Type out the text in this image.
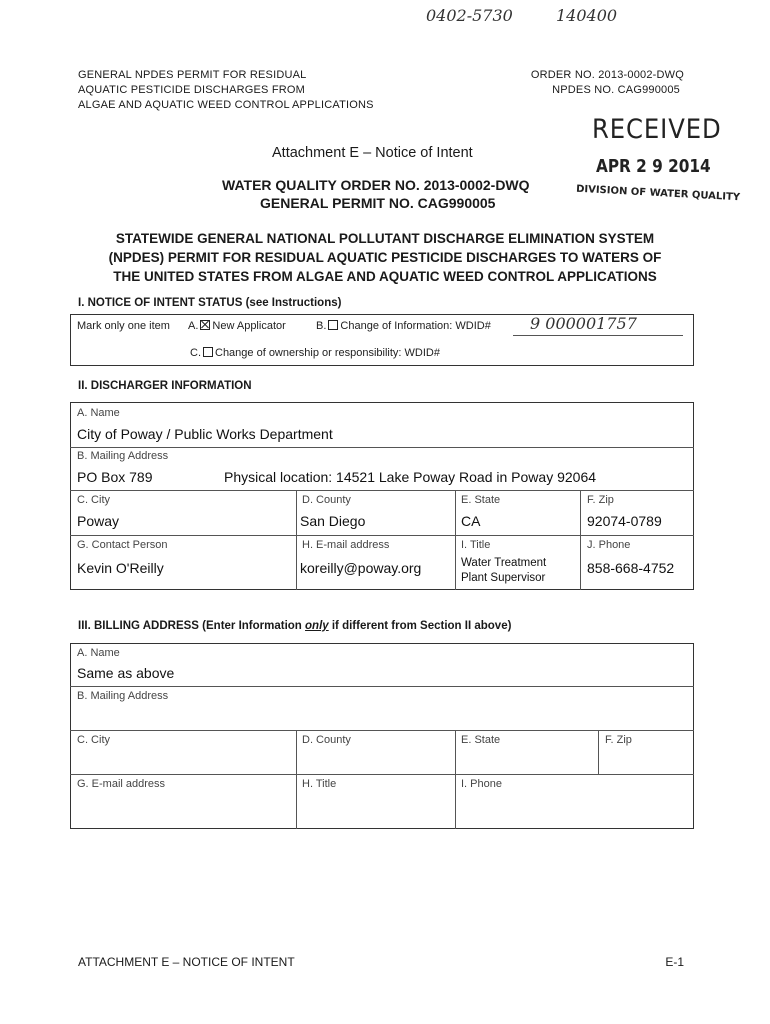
0402-5730	140400
GENERAL NPDES PERMIT FOR RESIDUAL
AQUATIC PESTICIDE DISCHARGES FROM
ALGAE AND AQUATIC WEED CONTROL APPLICATIONS
ORDER NO. 2013-0002-DWQ
NPDES NO. CAG990005
RECEIVED
APR 2 9 2014
DIVISION OF WATER QUALITY
Attachment E – Notice of Intent
WATER QUALITY ORDER NO. 2013-0002-DWQ
GENERAL PERMIT NO. CAG990005
STATEWIDE GENERAL NATIONAL POLLUTANT DISCHARGE ELIMINATION SYSTEM
(NPDES) PERMIT FOR RESIDUAL AQUATIC PESTICIDE DISCHARGES TO WATERS OF
THE UNITED STATES FROM ALGAE AND AQUATIC WEED CONTROL APPLICATIONS
I. NOTICE OF INTENT STATUS (see Instructions)
Mark only one item A. New Applicator	B. Change of Information: WDID# 9 000001757
C. Change of ownership or responsibility: WDID#
II. DISCHARGER INFORMATION
A. Name
City of Poway / Public Works Department
B. Mailing Address
PO Box 789	Physical location: 14521 Lake Poway Road in Poway 92064
C. City
Poway
D. County
San Diego
E. State
CA
F. Zip
92074-0789
G. Contact Person
Kevin O'Reilly
H. E-mail address
koreilly@poway.org
I. Title
Water Treatment
Plant Supervisor
J. Phone
858-668-4752
III. BILLING ADDRESS (Enter Information only if different from Section II above)
A. Name
Same as above
B. Mailing Address
C. City	D. County	E. State	F. Zip
G. E-mail address	H. Title	I. Phone
ATTACHMENT E – NOTICE OF INTENT	E-1
